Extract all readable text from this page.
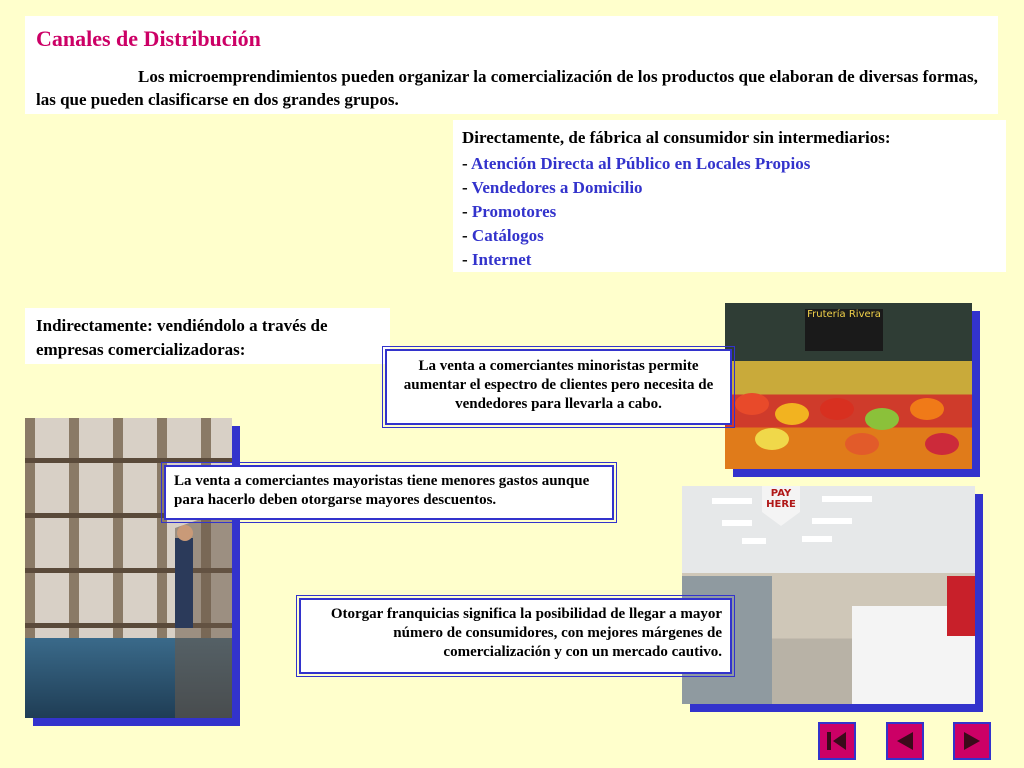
Canales de Distribución
Los microemprendimientos pueden organizar la comercialización de los productos que elaboran de diversas formas, las que pueden clasificarse en dos grandes grupos.
Directamente, de fábrica al consumidor sin intermediarios:
- Atención Directa al Público en Locales Propios
- Vendedores a Domicilio
- Promotores
- Catálogos
- Internet
Indirectamente: vendiéndolo a través de empresas comercializadoras:
Frutería Rivera
PAY HERE
La venta a comerciantes minoristas permite aumentar el espectro de clientes pero necesita de vendedores para llevarla a cabo.
La venta a comerciantes mayoristas tiene menores gastos aunque para hacerlo deben otorgarse mayores descuentos.
Otorgar franquicias significa la posibilidad de llegar a mayor número de consumidores, con mejores márgenes de comercialización y con un mercado cautivo.
